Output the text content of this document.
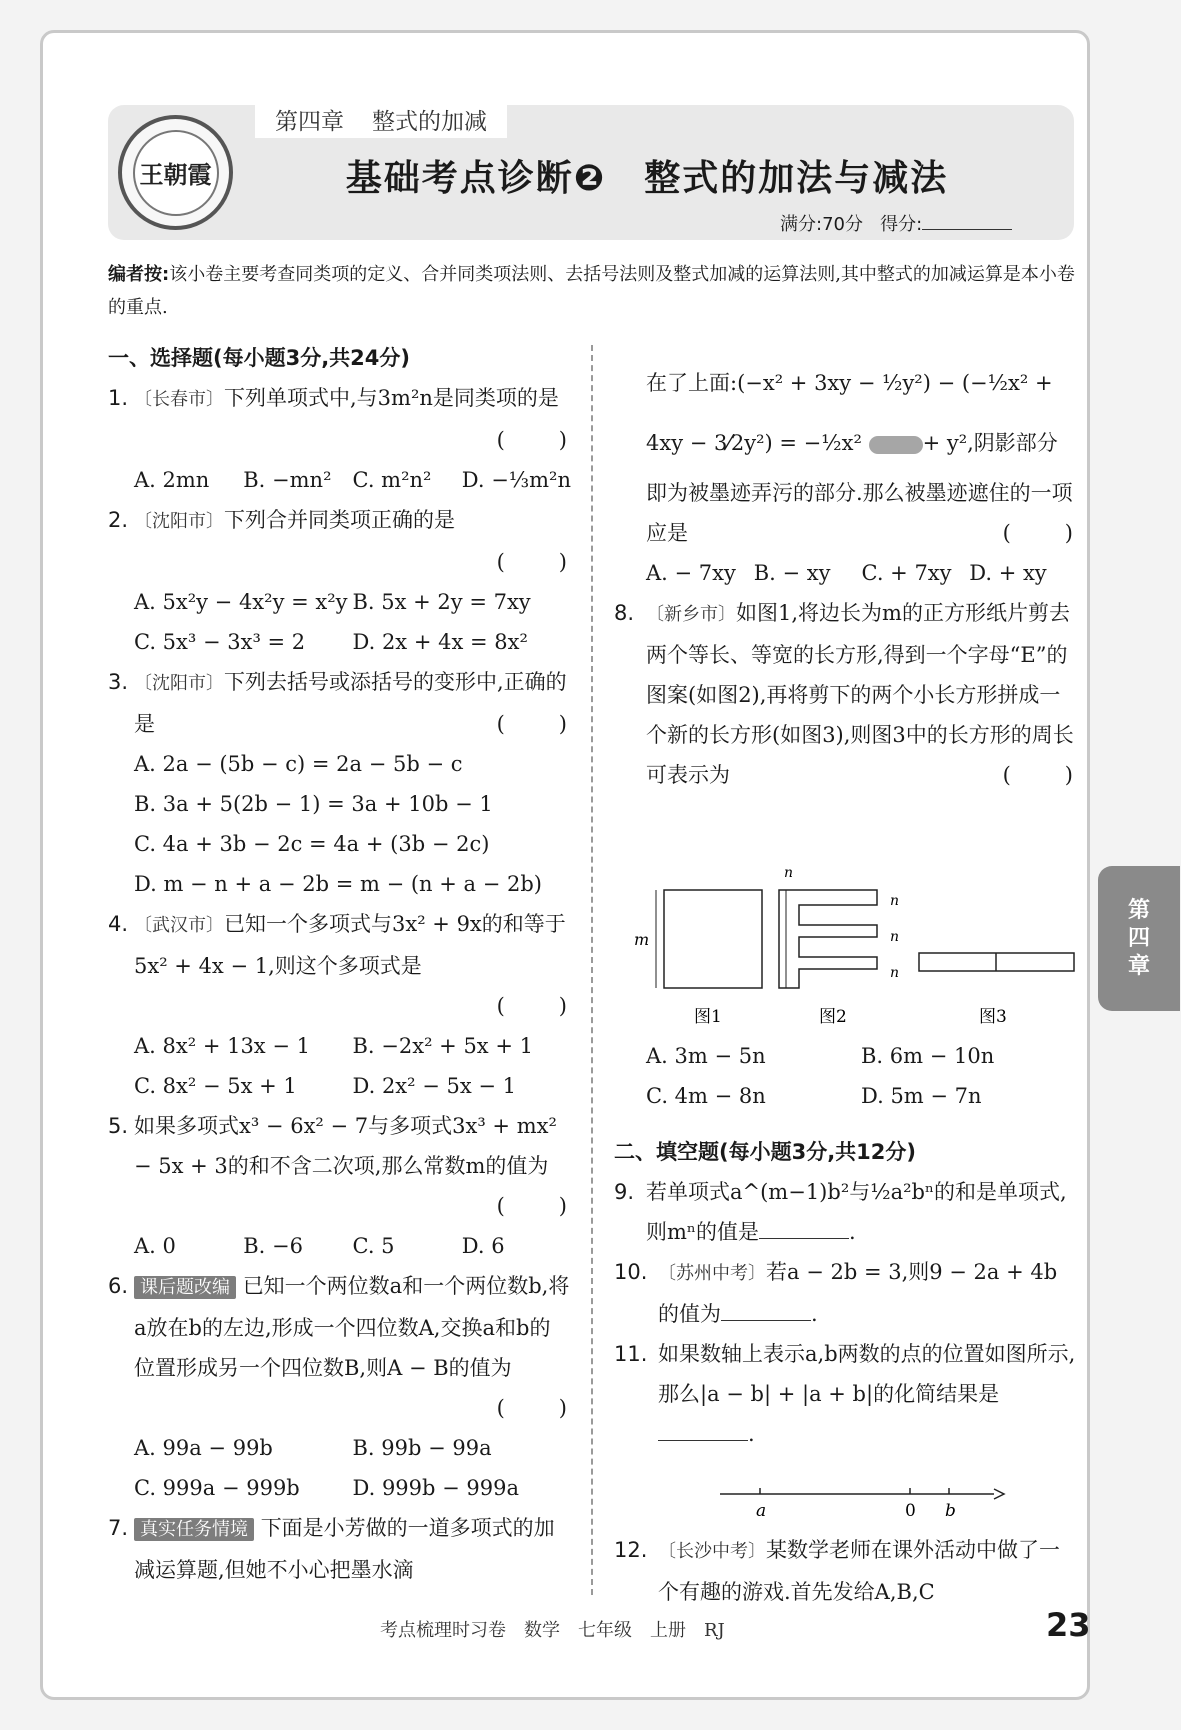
王朝霞
第四章 整式的加减
基础考点诊断❷　整式的加法与减法
满分:70分 得分:
编者按:该小卷主要考查同类项的定义、合并同类项法则、去括号法则及整式加减的运算法则,其中整式的加减运算是本小卷的重点.
一、选择题(每小题3分,共24分)
1. 〔长春市〕下列单项式中,与3m²n是同类项的是
(　　)
A. 2mn	B. −mn²	C. m²n²	D. −⅓m²n
2. 〔沈阳市〕下列合并同类项正确的是

(　　)

A. 5x²y − 4x²y = x²y B. 5x + 2y = 7xy
C. 5x³ − 3x³ = 2	D. 2x + 4x = 8x²
3. 〔沈阳市〕下列去括号或添括号的变形中,正确的是	(　　)
A. 2a − (5b − c) = 2a − 5b − c
B. 3a + 5(2b − 1) = 3a + 10b − 1
C. 4a + 3b − 2c = 4a + (3b − 2c)
D. m − n + a − 2b = m − (n + a − 2b)
4. 〔武汉市〕已知一个多项式与3x² + 9x的和等于5x² + 4x − 1,则这个多项式是

(　　)

A. 8x² + 13x − 1	B. −2x² + 5x + 1
C. 8x² − 5x + 1	D. 2x² − 5x − 1
5. 如果多项式x³ − 6x² − 7与多项式3x³ + mx² − 5x + 3的和不含二次项,那么常数m的值为
(　　)
A. 0	B. −6	C. 5	D. 6
6. 课后题改编 已知一个两位数a和一个两位数b,将a放在b的左边,形成一个四位数A,交换a和b的位置形成另一个四位数B,则A − B的值为
(　　)
A. 99a − 99b	B. 99b − 99a
C. 999a − 999b	D. 999b − 999a
7. 真实任务情境 下面是小芳做的一道多项式的加减运算题,但她不小心把墨水滴
在了上面:(−x² + 3xy − ½y²) − (−½x² +
4xy − 3⁄2y²) = −½x²	+ y²,阴影部分
即为被墨迹弄污的部分.那么被墨迹遮住的一项应是	(　　)
A. − 7xy B. − xy	C. + 7xy D. + xy
8. 〔新乡市〕如图1,将边长为m的正方形纸片剪去两个等长、等宽的长方形,得到一个字母“E”的图案(如图2),再将剪下的两个小长方形拼成一个新的长方形(如图3),则图3中的长方形的周长可表示为	(　　)
m
n
n
n
n
图1	图2	图3
A. 3m − 5n	B. 6m − 10n
C. 4m − 8n	D. 5m − 7n
二、填空题(每小题3分,共12分)
9. 若单项式a^(m−1)b²与½a²bⁿ的和是单项式,则mⁿ的值是	.
10. 〔苏州中考〕若a − 2b = 3,则9 − 2a + 4b的值为	.
11. 如果数轴上表示a,b两数的点的位置如图所示,那么|a − b| + |a + b|的化简结果是.
a	0 b
12. 〔长沙中考〕某数学老师在课外活动中做了一个有趣的游戏.首先发给A,B,C
第
四
章
考点梳理时习卷 数学 七年级 上册 RJ	23
